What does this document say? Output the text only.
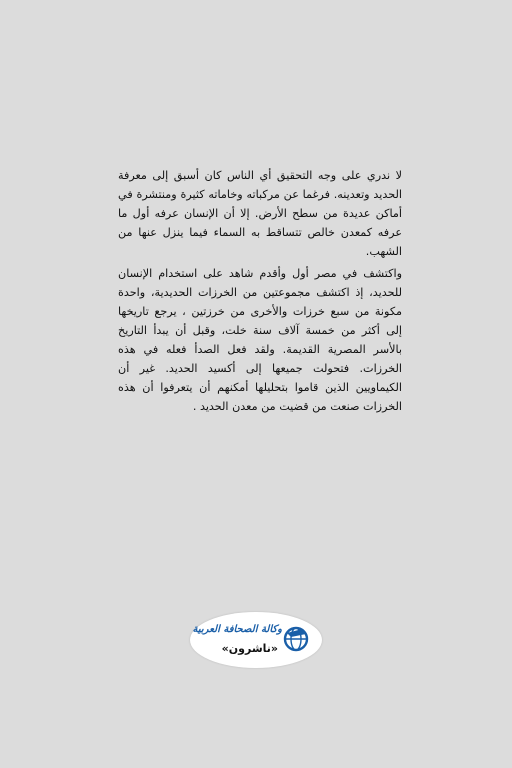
لا ندري على وجه التحقيق أي الناس كان أسبق إلى معرفة الحديد وتعدينه. فرغما عن مركباته وخاماته كثيرة ومنتشرة في أماكن عديدة من سطح الأرض. إلا أن الإنسان عرفه أول ما عرفه كمعدن خالص تتساقط به السماء فيما ينزل عنها من الشهب.

واكتشف في مصر أول وأقدم شاهد على استخدام الإنسان للحديد، إذ اكتشف مجموعتين من الخرزات الحديدية، واحدة مكونة من سبع خرزات والأخرى من خرزتين ، يرجع تاريخها إلى أكثر من خمسة آلاف سنة خلت، وقبل أن يبدأ التاريخ بالأسر المصرية القديمة. ولقد فعل الصدأ فعله في هذه الخرزات. فتحولت جميعها إلى أكسيد الحديد. غير أن الكيماويين الذين قاموا بتحليلها أمكنهم أن يتعرفوا أن هذه الخرزات صنعت من قضيت من معدن الحديد .

وكالة الصحافة العربية
«ناشرون»
